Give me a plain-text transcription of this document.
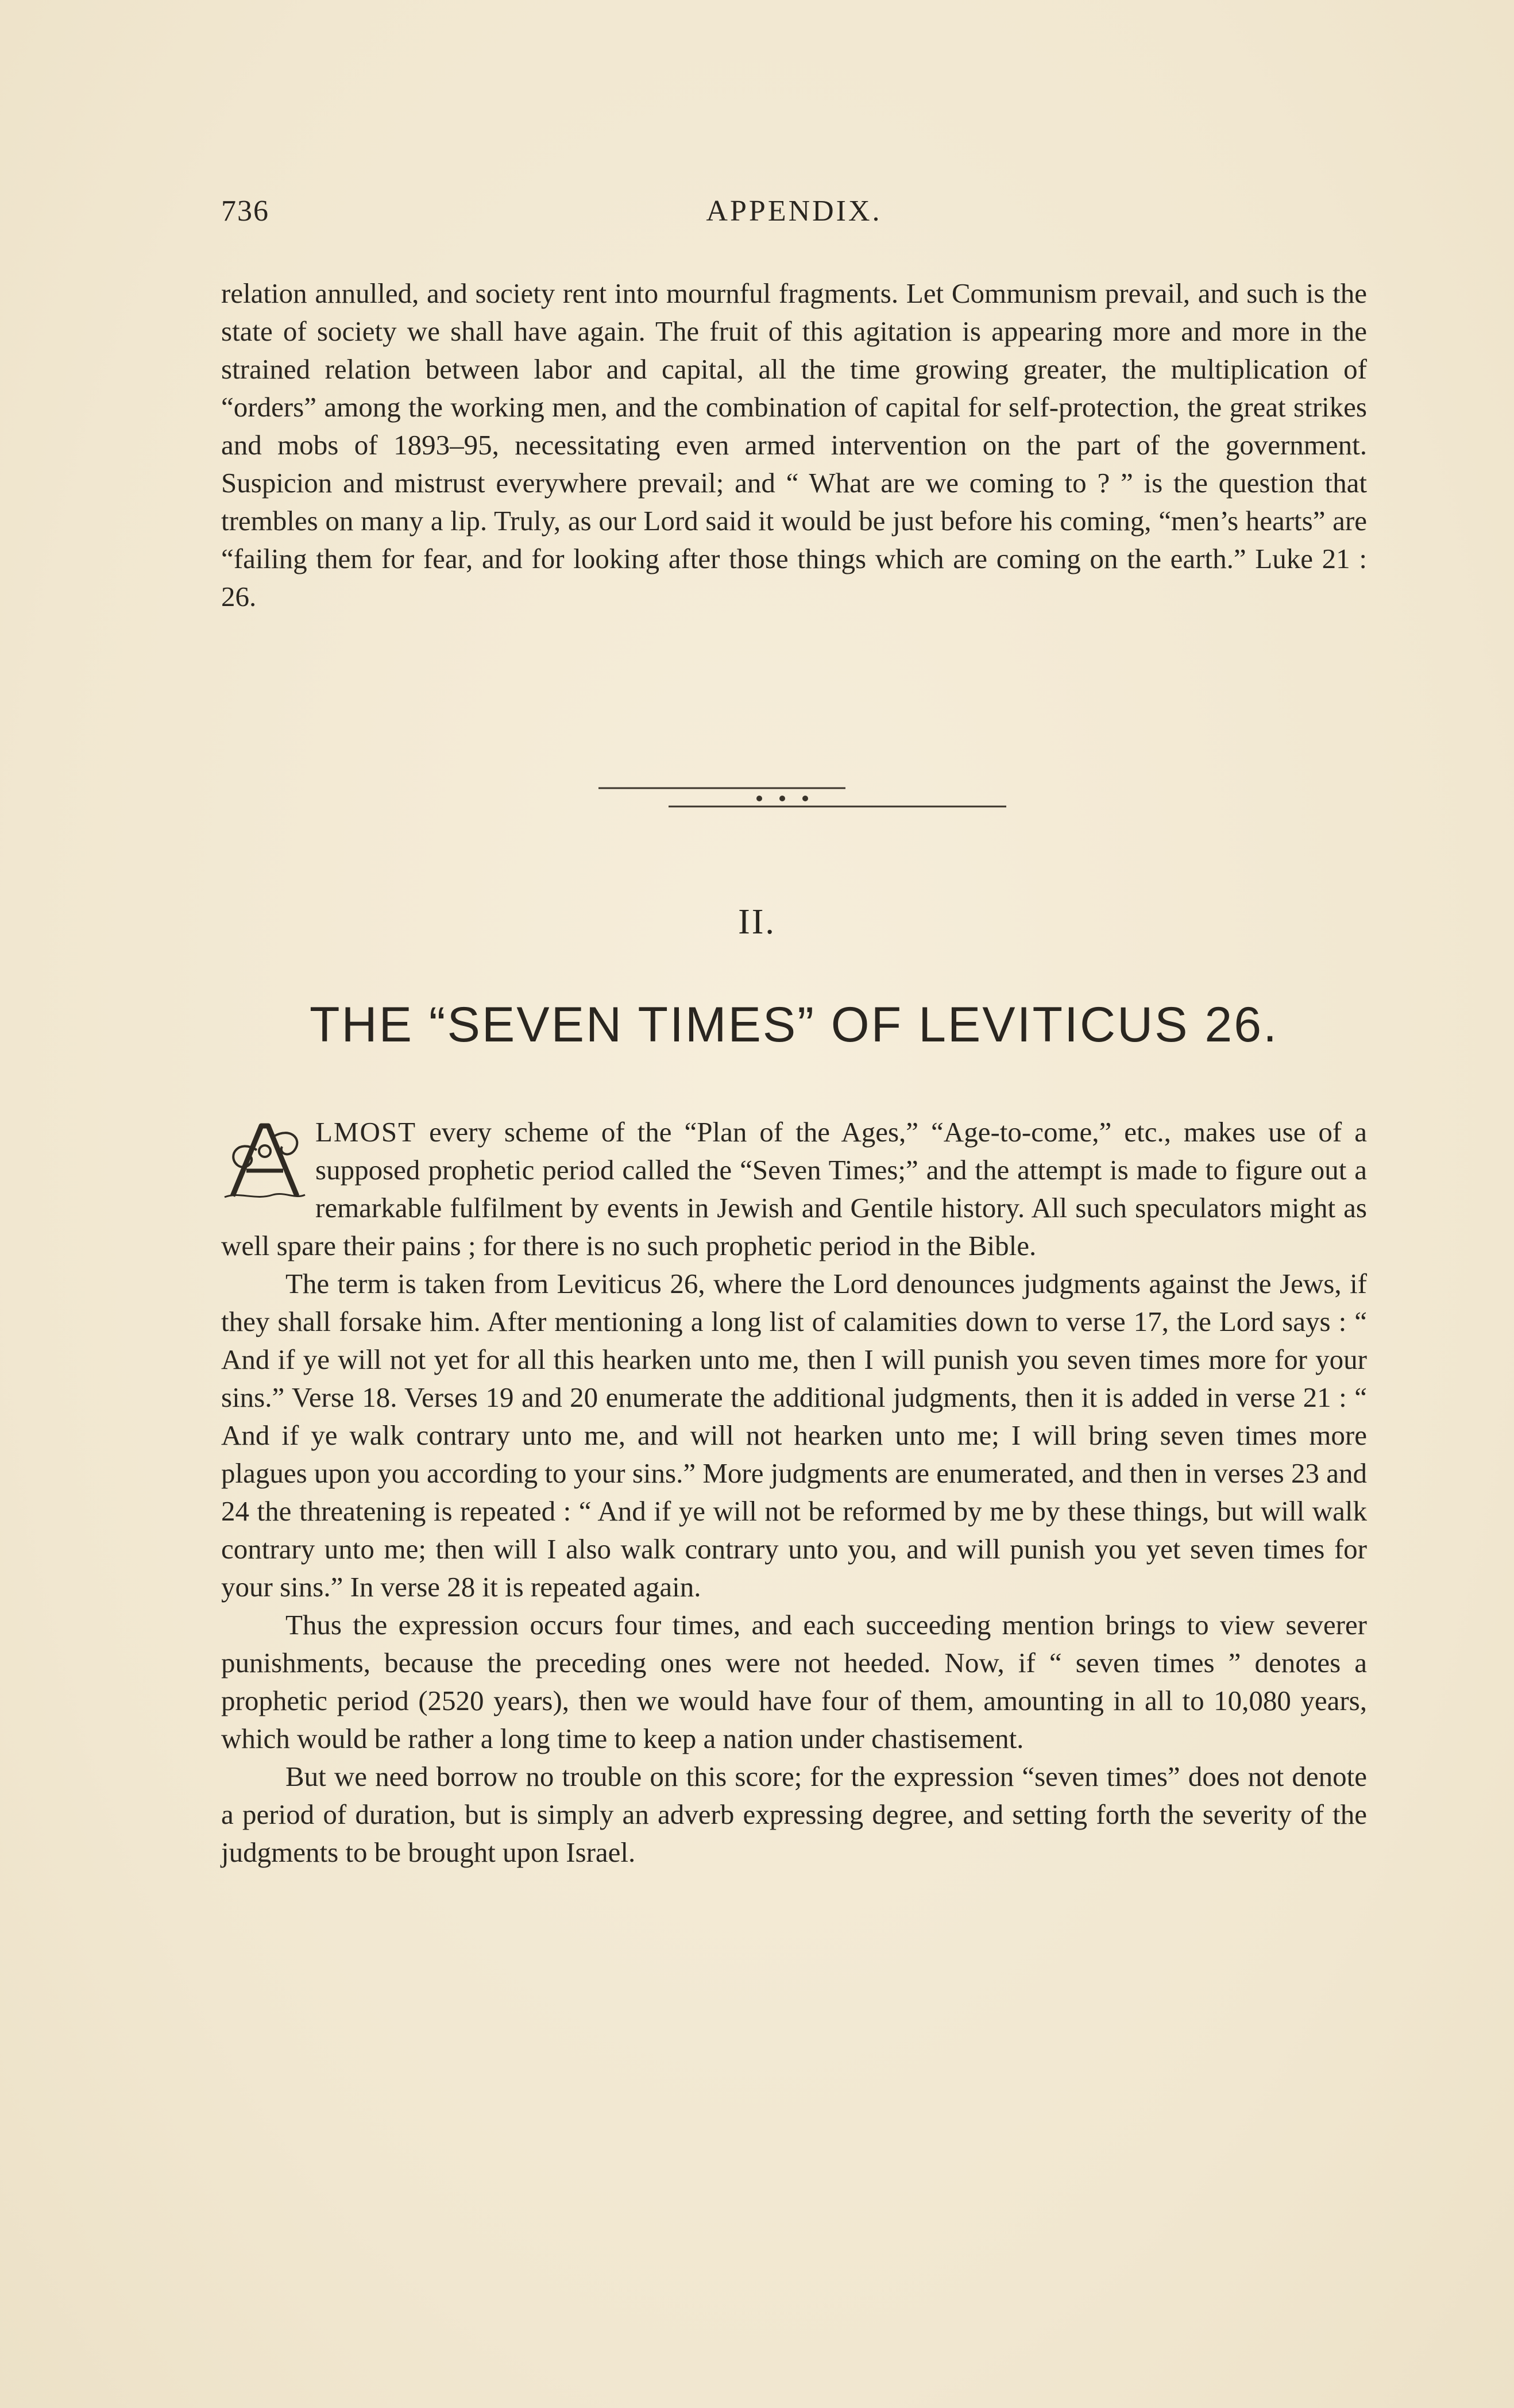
736	APPENDIX.

relation annulled, and society rent into mournful fragments. Let Communism prevail, and such is the state of society we shall have again. The fruit of this agitation is appearing more and more in the strained relation between labor and capital, all the time growing greater, the multiplication of “orders” among the working men, and the combination of capital for self-protection, the great strikes and mobs of 1893–95, necessitating even armed intervention on the part of the government. Suspicion and mistrust everywhere prevail; and “ What are we coming to ? ” is the question that trembles on many a lip. Truly, as our Lord said it would be just before his coming, “men’s hearts” are “failing them for fear, and for looking after those things which are coming on the earth.” Luke 21 : 26.

II.
THE “SEVEN TIMES” OF LEVITICUS 26.

LMOST every scheme of the “Plan of the Ages,” “Age-to-come,” etc., makes use of a supposed prophetic period called the “Seven Times;” and the attempt is made to figure out a remarkable fulfilment by events in Jewish and Gentile history. All such speculators might as well spare their pains ; for there is no such prophetic period in the Bible.

The term is taken from Leviticus 26, where the Lord denounces judgments against the Jews, if they shall forsake him. After mentioning a long list of calamities down to verse 17, the Lord says : “ And if ye will not yet for all this hearken unto me, then I will punish you seven times more for your sins.” Verse 18. Verses 19 and 20 enumerate the additional judgments, then it is added in verse 21 : “ And if ye walk contrary unto me, and will not hearken unto me; I will bring seven times more plagues upon you according to your sins.” More judgments are enumerated, and then in verses 23 and 24 the threatening is repeated : “ And if ye will not be reformed by me by these things, but will walk contrary unto me; then will I also walk contrary unto you, and will punish you yet seven times for your sins.” In verse 28 it is repeated again.

Thus the expression occurs four times, and each succeeding mention brings to view severer punishments, because the preceding ones were not heeded. Now, if “ seven times ” denotes a prophetic period (2520 years), then we would have four of them, amounting in all to 10,080 years, which would be rather a long time to keep a nation under chastisement.

But we need borrow no trouble on this score; for the expression “seven times” does not denote a period of duration, but is simply an adverb expressing degree, and setting forth the severity of the judgments to be brought upon Israel.
